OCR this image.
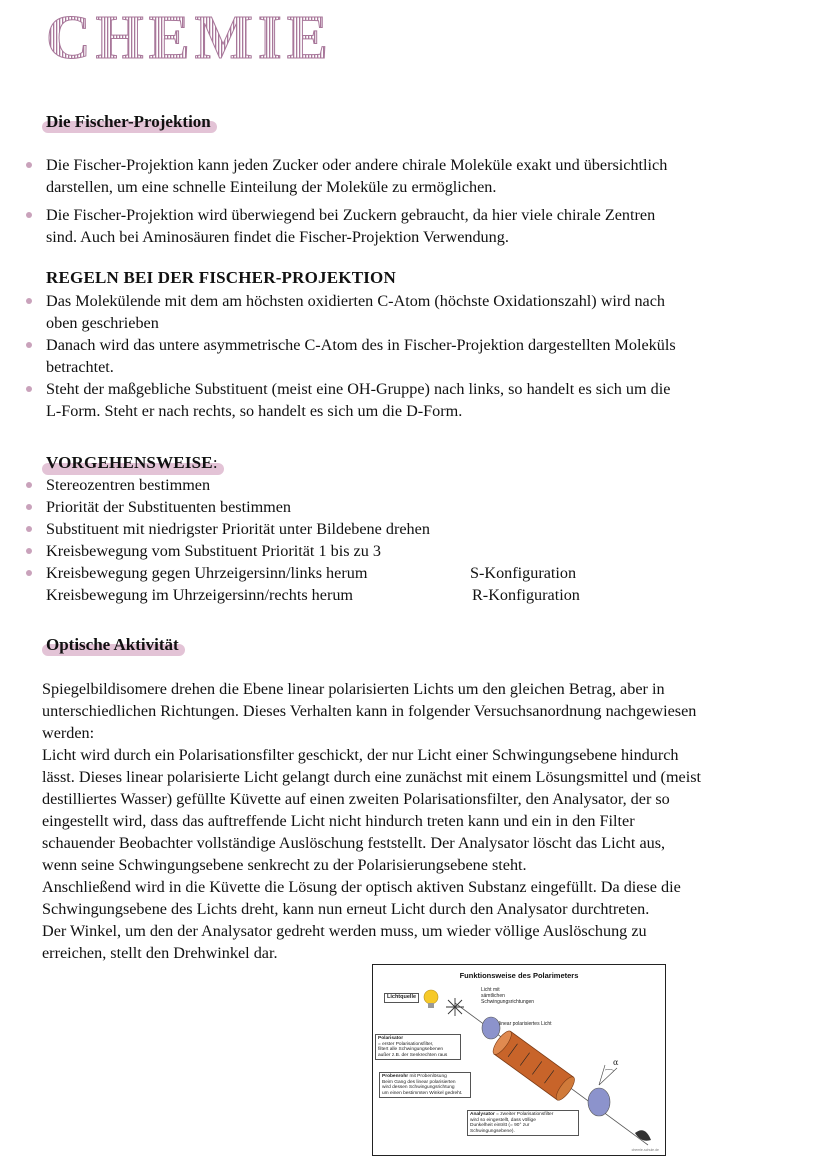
CHEMIE
Die Fischer-Projektion
Die Fischer-Projektion kann jeden Zucker oder andere chirale Moleküle exakt und übersichtlich
darstellen, um eine schnelle Einteilung der Moleküle zu ermöglichen.
Die Fischer-Projektion wird überwiegend bei Zuckern gebraucht, da hier viele chirale Zentren
sind. Auch bei Aminosäuren findet die Fischer-Projektion Verwendung.
REGELN BEI DER FISCHER-PROJEKTION
Das Molekülende mit dem am höchsten oxidierten C-Atom (höchste Oxidationszahl) wird nach
oben geschrieben
Danach wird das untere asymmetrische C-Atom des in Fischer-Projektion dargestellten Moleküls
betrachtet.
Steht der maßgebliche Substituent (meist eine OH-Gruppe) nach links, so handelt es sich um die
L-Form. Steht er nach rechts, so handelt es sich um die D-Form.
VORGEHENSWEISE:
Stereozentren bestimmen
Priorität der Substituenten bestimmen
Substituent mit niedrigster Priorität unter Bildebene drehen
Kreisbewegung vom Substituent Priorität 1 bis zu 3
Kreisbewegung gegen Uhrzeigersinn/links herum	S-Konfiguration
Kreisbewegung im Uhrzeigersinn/rechts herum	R-Konfiguration
Optische Aktivität
Spiegelbildisomere drehen die Ebene linear polarisierten Lichts um den gleichen Betrag, aber in
unterschiedlichen Richtungen. Dieses Verhalten kann in folgender Versuchsanordnung nachgewiesen
werden:
Licht wird durch ein Polarisationsfilter geschickt, der nur Licht einer Schwingungsebene hindurch
lässt. Dieses linear polarisierte Licht gelangt durch eine zunächst mit einem Lösungsmittel und (meist
destilliertes Wasser) gefüllte Küvette auf einen zweiten Polarisationsfilter, den Analysator, der so
eingestellt wird, dass das auftreffende Licht nicht hindurch treten kann und ein in den Filter
schauender Beobachter vollständige Auslöschung feststellt. Der Analysator löscht das Licht aus,
wenn seine Schwingungsebene senkrecht zu der Polarisierungsebene steht.
Anschließend wird in die Küvette die Lösung der optisch aktiven Substanz eingefüllt. Da diese die
Schwingungsebene des Lichts dreht, kann nun erneut Licht durch den Analysator durchtreten.
Der Winkel, um den der Analysator gedreht werden muss, um wieder völlige Auslöschung zu
erreichen, stellt den Drehwinkel dar.
Funktionsweise des Polarimeters
α
Lichtquelle
Licht mit
sämtlichen
Schwingungsrichtungen
linear polarisiertes Licht
Polarisator
= erster Polarisationsfilter,
filtert alle Schwingungsebenen
außer z.B. der Senkrechten raus
Probenrohr mit Probenlösung
Beim Gang des linear polarisierten
wird dessen Schwingungsrichtung
um einen bestimmten Winkel gedreht.
Analysator = zweiter Polarisationsfilter
wird so eingestellt, dass völlige
Dunkelheit eintritt (= 90° zur
Schwingungsebene).
chemie-schule.de
